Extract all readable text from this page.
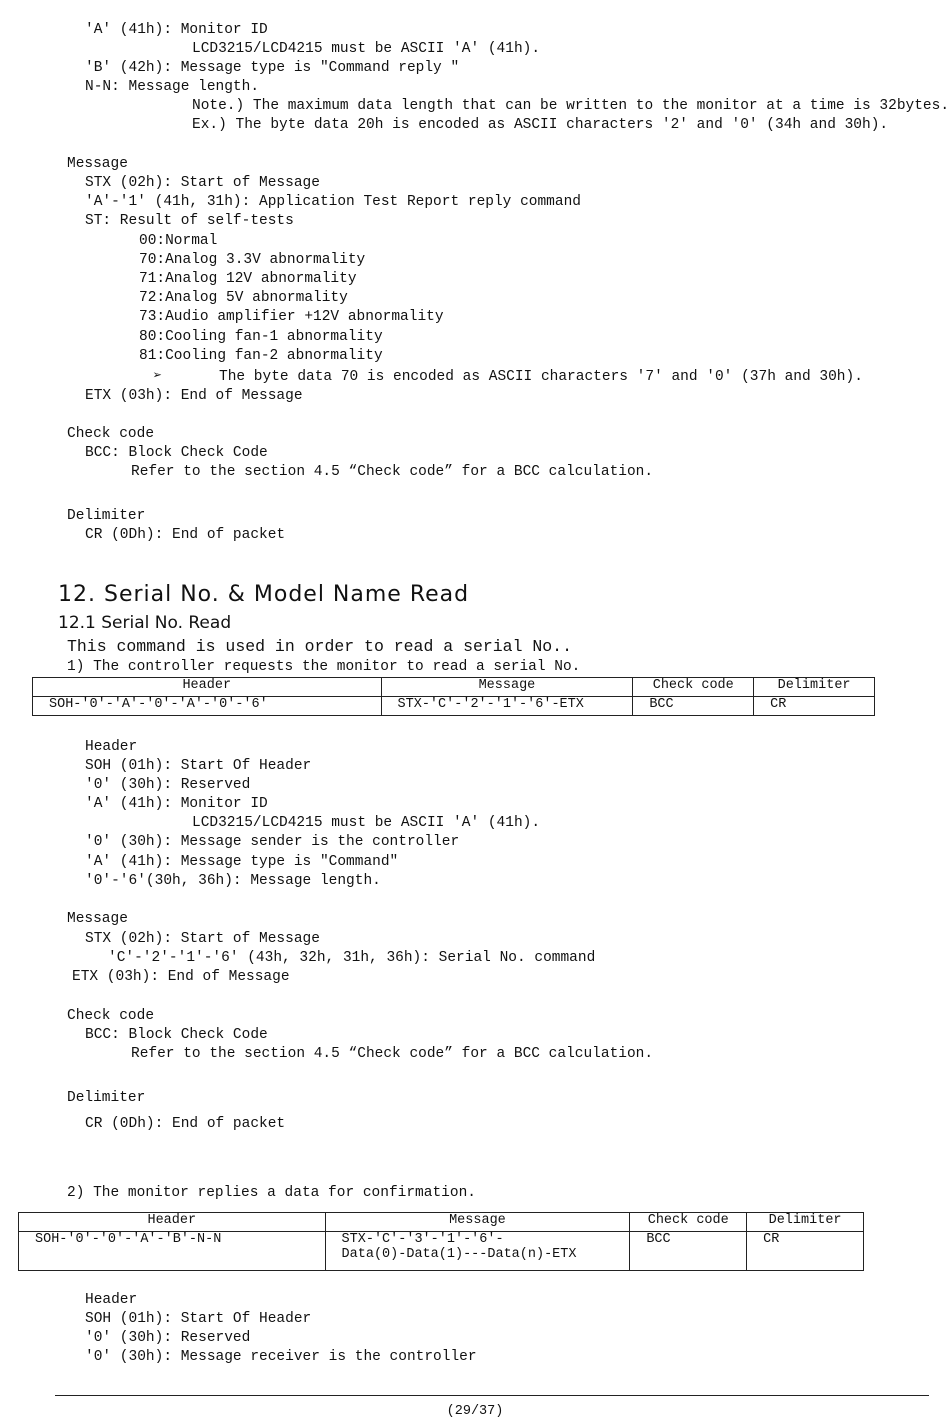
'A' (41h): Monitor ID
LCD3215/LCD4215 must be ASCII 'A' (41h).
'B' (42h): Message type is "Command reply "
N-N: Message length.
Note.) The maximum data length that can be written to the monitor at a time is 32bytes.
Ex.) The byte data 20h is encoded as ASCII characters '2' and '0' (34h and 30h).
Message
STX (02h): Start of Message
'A'-'1' (41h, 31h): Application Test Report reply command
ST: Result of self-tests
00:Normal
70:Analog 3.3V abnormality
71:Analog 12V abnormality
72:Analog 5V abnormality
73:Audio amplifier +12V abnormality
80:Cooling fan-1 abnormality
81:Cooling fan-2 abnormality
➢	The byte data 70 is encoded as ASCII characters '7' and '0' (37h and 30h).
ETX (03h): End of Message
Check code
BCC: Block Check Code
Refer to the section 4.5 “Check code” for a BCC calculation.
Delimiter
CR (0Dh): End of packet
12. Serial No. & Model Name Read
12.1 Serial No. Read
This command is used in order to read a serial No..
1) The controller requests the monitor to read a serial No.
Header	Message	Check code	Delimiter
SOH-'0'-'A'-'0'-'A'-'0'-'6'	STX-'C'-'2'-'1'-'6'-ETX	BCC	CR
Header
SOH (01h): Start Of Header
'0' (30h): Reserved
'A' (41h): Monitor ID
LCD3215/LCD4215 must be ASCII 'A' (41h).
'0' (30h): Message sender is the controller
'A' (41h): Message type is "Command"
'0'-'6'(30h, 36h): Message length.
Message
STX (02h): Start of Message
'C'-'2'-'1'-'6' (43h, 32h, 31h, 36h): Serial No. command
ETX (03h): End of Message
Check code
BCC: Block Check Code
Refer to the section 4.5 “Check code” for a BCC calculation.
Delimiter
CR (0Dh): End of packet
2) The monitor replies a data for confirmation.
Header	Message	Check code	Delimiter
SOH-'0'-'0'-'A'-'B'-N-N	STX-'C'-'3'-'1'-'6'-
Data(0)-Data(1)---Data(n)-ETX	BCC	CR
Header
SOH (01h): Start Of Header
'0' (30h): Reserved
'0' (30h): Message receiver is the controller
(29/37)
